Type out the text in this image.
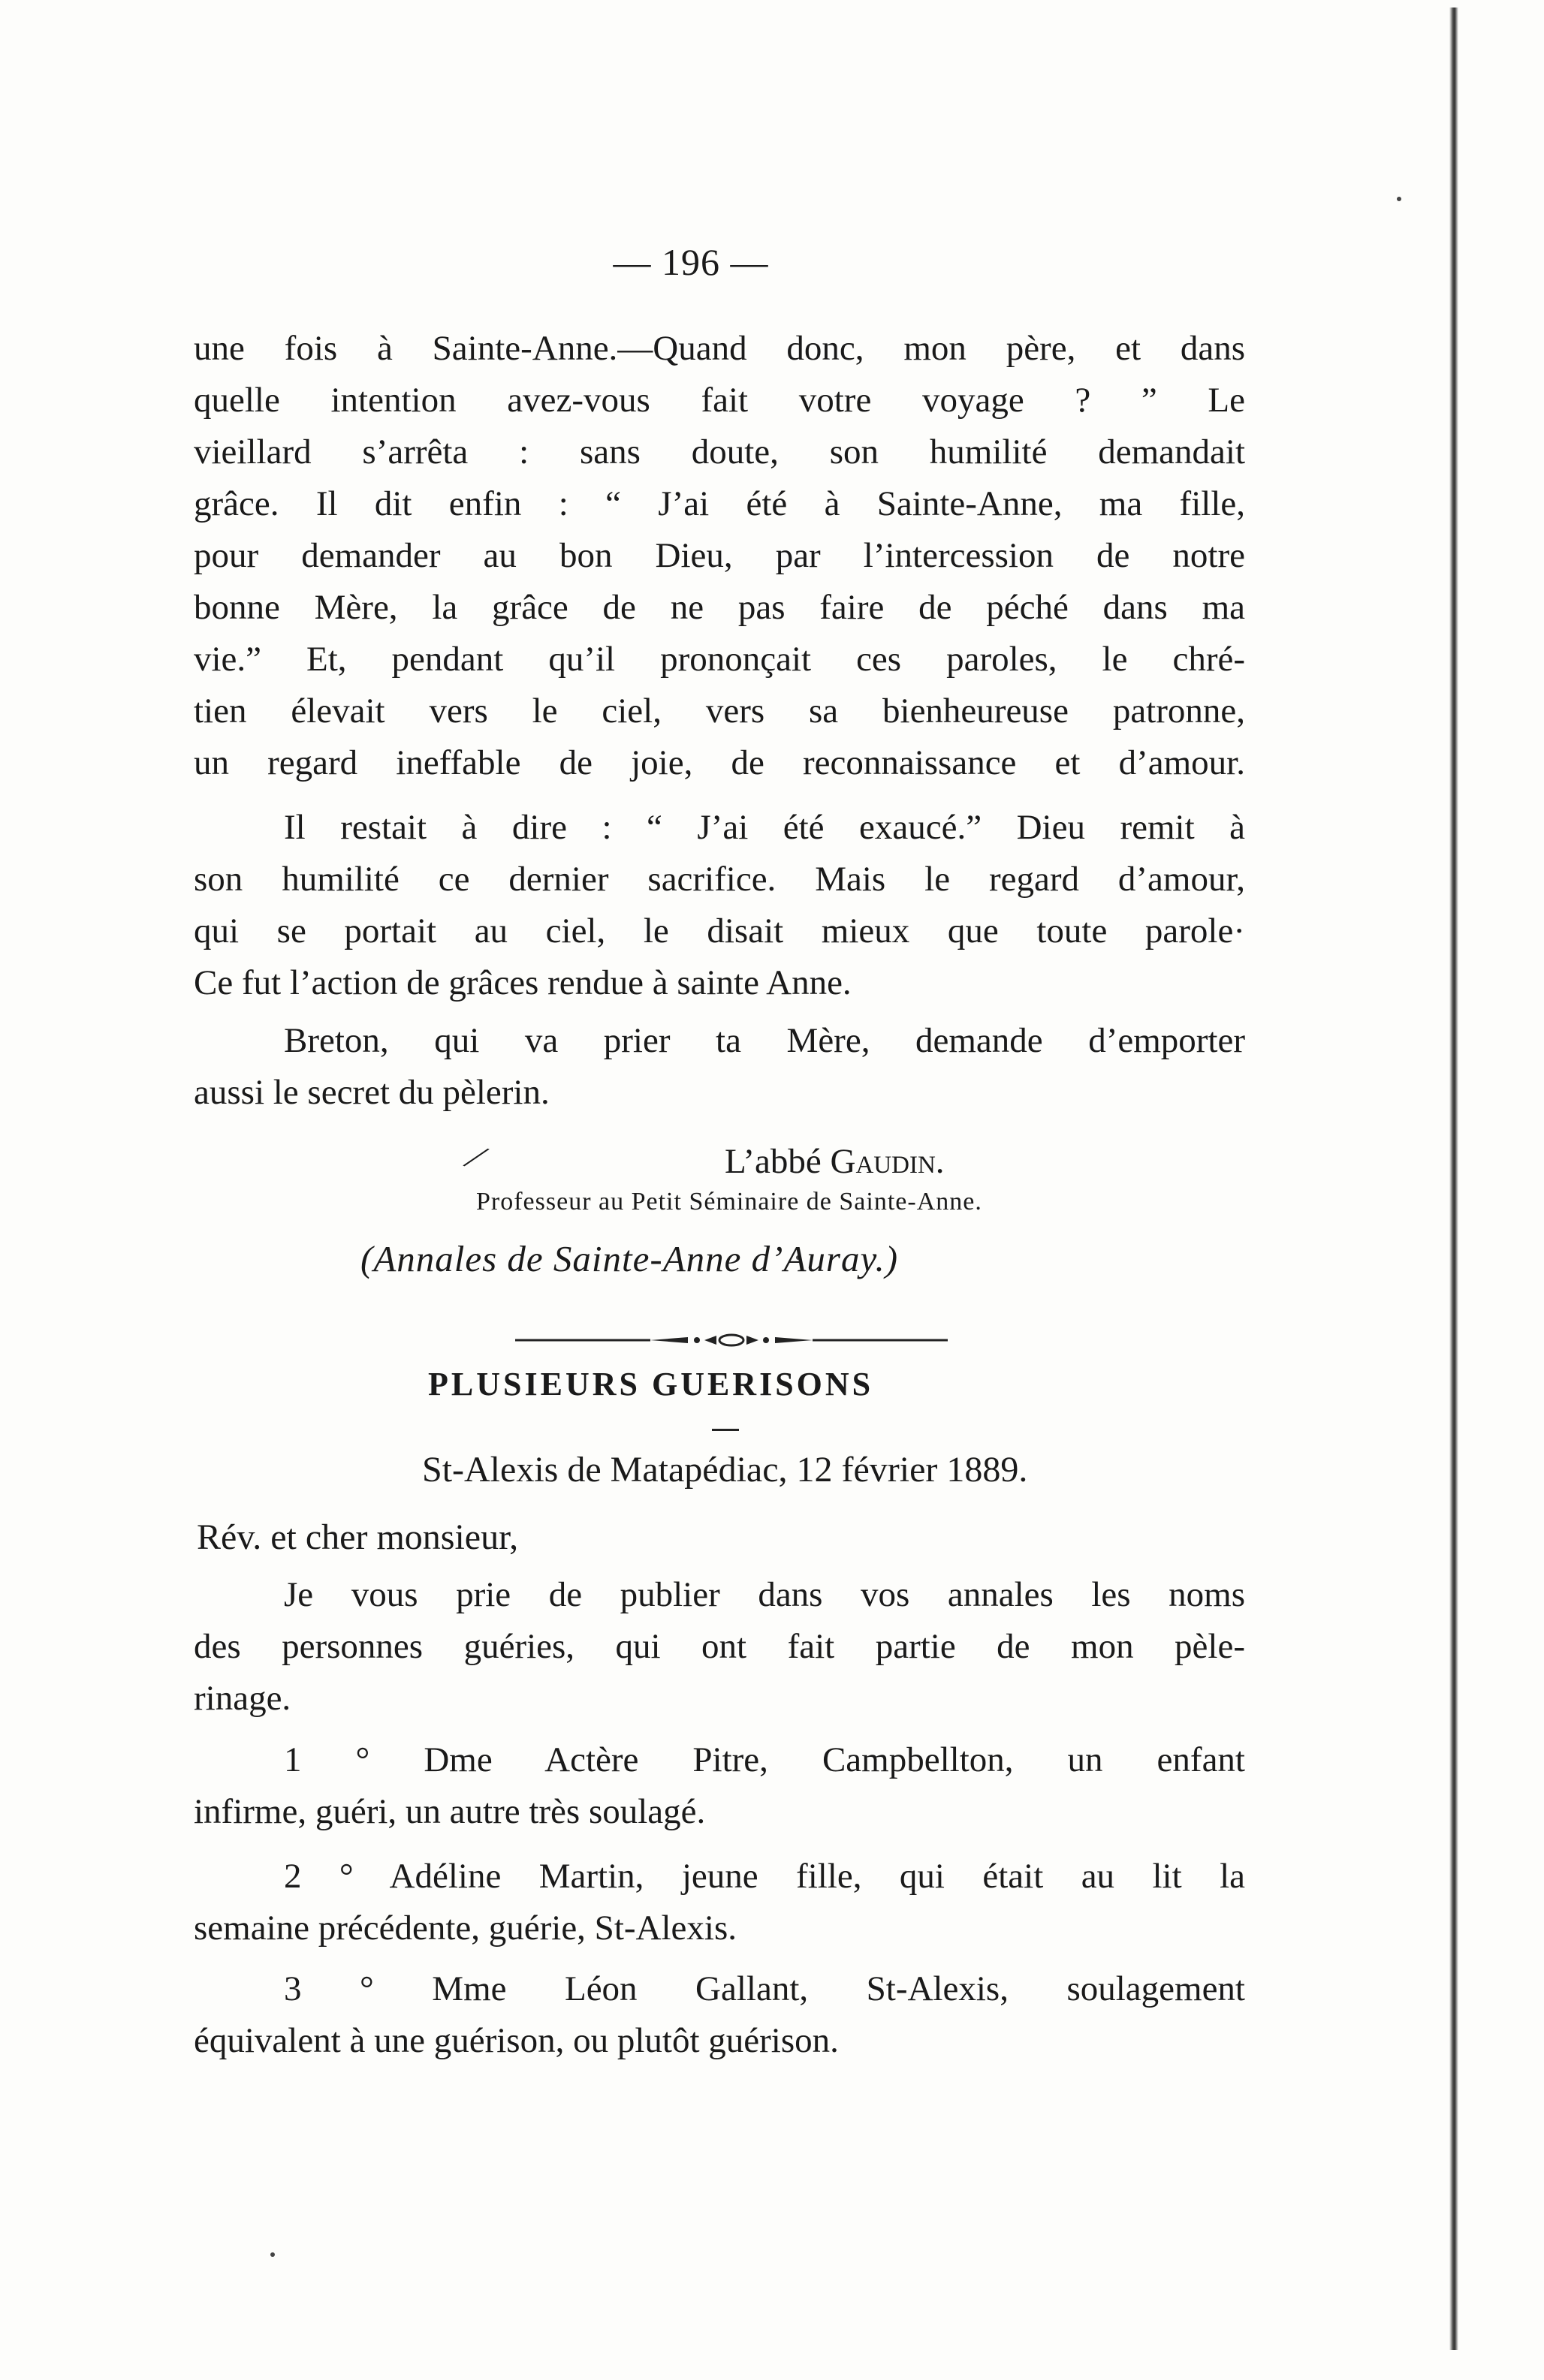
— 196 —

une fois à Sainte-Anne.—Quand donc, mon père, et dans
quelle intention avez-vous fait votre voyage ? ” Le
vieillard s’arrêta : sans doute, son humilité demandait
grâce. Il dit enfin : “ J’ai été à Sainte-Anne, ma fille,
pour demander au bon Dieu, par l’intercession de notre
bonne Mère, la grâce de ne pas faire de péché dans ma
vie.” Et, pendant qu’il prononçait ces paroles, le chré-
tien élevait vers le ciel, vers sa bienheureuse patronne,
un regard ineffable de joie, de reconnaissance et d’amour.

Il restait à dire : “ J’ai été exaucé.” Dieu remit à
son humilité ce dernier sacrifice. Mais le regard d’amour,
qui se portait au ciel, le disait mieux que toute parole·
Ce fut l’action de grâces rendue à sainte Anne.

Breton, qui va prier ta Mère, demande d’emporter
aussi le secret du pèlerin.

⁄	L’abbé Gaudin.
Professeur au Petit Séminaire de Sainte-Anne.
(Annales de Sainte-Anne d’Auray.)
PLUSIEURS GUERISONS
St-Alexis de Matapédiac, 12 février 1889.
Rév. et cher monsieur,

Je vous prie de publier dans vos annales les noms
des personnes guéries, qui ont fait partie de mon pèle-
rinage.

1 ° Dme Actère Pitre, Campbellton, un enfant
infirme, guéri, un autre très soulagé.

2 ° Adéline Martin, jeune fille, qui était au lit la
semaine précédente, guérie, St-Alexis.

3 ° Mme Léon Gallant, St-Alexis, soulagement
équivalent à une guérison, ou plutôt guérison.
